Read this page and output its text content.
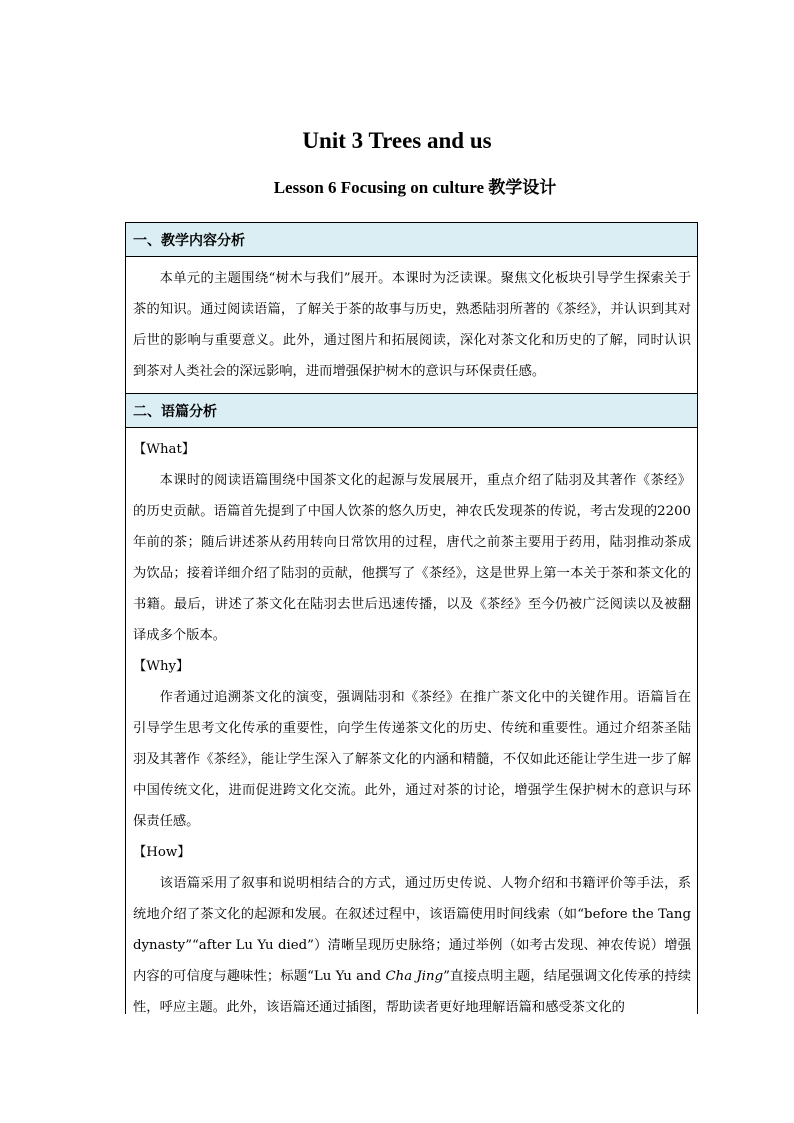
Unit 3 Trees and us
Lesson 6 Focusing on culture 教学设计
一、教学内容分析

本单元的主题围绕“树木与我们”展开。本课时为泛读课。聚焦文化板块引导学生探索关于茶的知识。通过阅读语篇，了解关于茶的故事与历史，熟悉陆羽所著的《茶经》，并认识到其对后世的影响与重要意义。此外，通过图片和拓展阅读，深化对茶文化和历史的了解，同时认识到茶对人类社会的深远影响，进而增强保护树木的意识与环保责任感。

二、语篇分析
【What】

本课时的阅读语篇围绕中国茶文化的起源与发展展开，重点介绍了陆羽及其著作《茶经》的历史贡献。语篇首先提到了中国人饮茶的悠久历史，神农氏发现茶的传说，考古发现的2200年前的茶；随后讲述茶从药用转向日常饮用的过程，唐代之前茶主要用于药用，陆羽推动茶成为饮品；接着详细介绍了陆羽的贡献，他撰写了《茶经》，这是世界上第一本关于茶和茶文化的书籍。最后，讲述了茶文化在陆羽去世后迅速传播，以及《茶经》至今仍被广泛阅读以及被翻译成多个版本。

【Why】

作者通过追溯茶文化的演变，强调陆羽和《茶经》在推广茶文化中的关键作用。语篇旨在引导学生思考文化传承的重要性，向学生传递茶文化的历史、传统和重要性。通过介绍茶圣陆羽及其著作《茶经》，能让学生深入了解茶文化的内涵和精髓，不仅如此还能让学生进一步了解中国传统文化，进而促进跨文化交流。此外，通过对茶的讨论，增强学生保护树木的意识与环保责任感。

【How】

该语篇采用了叙事和说明相结合的方式，通过历史传说、人物介绍和书籍评价等手法，系统地介绍了茶文化的起源和发展。在叙述过程中，该语篇使用时间线索（如“before the Tang dynasty”“after Lu Yu died”）清晰呈现历史脉络；通过举例（如考古发现、神农传说）增强内容的可信度与趣味性；标题“Lu Yu and Cha Jing”直接点明主题，结尾强调文化传承的持续性，呼应主题。此外，该语篇还通过插图，帮助读者更好地理解语篇和感受茶文化的
